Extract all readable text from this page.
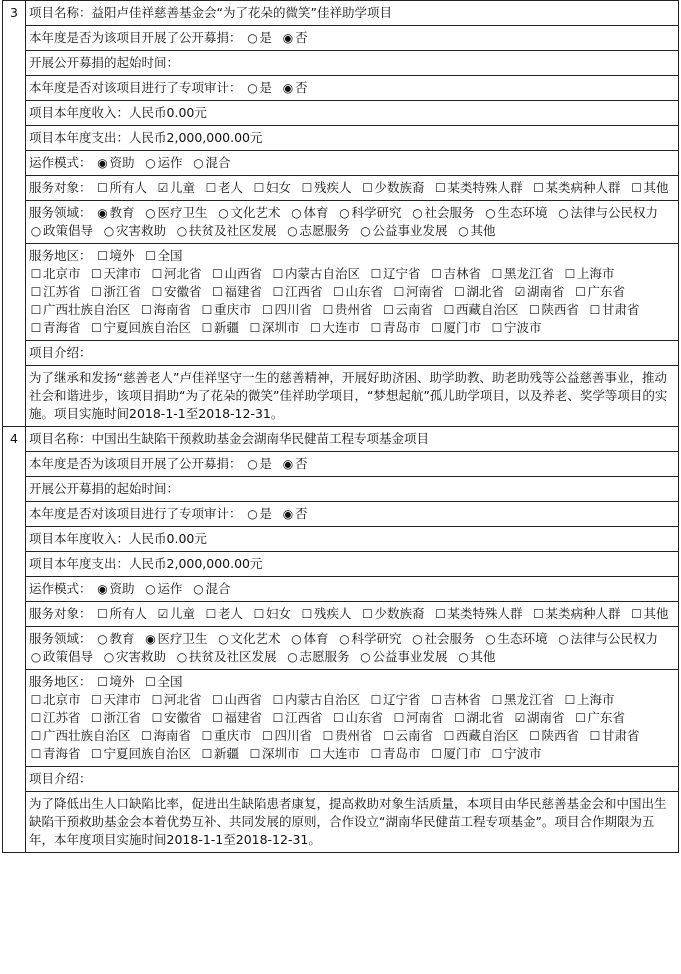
3	项目名称：益阳卢佳祥慈善基金会“为了花朵的微笑”佳祥助学项目
	本年度是否为该项目开展了公开募捐： ○ 是 ◉ 否
	开展公开募捐的起始时间：
	本年度是否对该项目进行了专项审计： ○ 是 ◉ 否
	项目本年度收入：人民币0.00元
	项目本年度支出：人民币2,000,000.00元
	运作模式： ◉ 资助 ○ 运作 ○ 混合
	服务对象： ☐ 所有人 ☑ 儿童 ☐ 老人 ☐ 妇女 ☐ 残疾人 ☐ 少数族裔 ☐ 某类特殊人群 ☐ 某类病种人群 ☐ 其他
	服务领域： ◉ 教育 ○ 医疗卫生 ○ 文化艺术 ○ 体育 ○ 科学研究 ○ 社会服务 ○ 生态环境 ○ 法律与公民权力 ○ 政策倡导 ○ 灾害救助 ○ 扶贫及社区发展 ○ 志愿服务 ○ 公益事业发展 ○ 其他
	服务地区： ☐ 境外 ☐ 全国
☐ 北京市 ☐ 天津市 ☐ 河北省 ☐ 山西省 ☐ 内蒙古自治区 ☐ 辽宁省 ☐ 吉林省 ☐ 黑龙江省 ☐ 上海市 ☐ 江苏省 ☐ 浙江省 ☐ 安徽省 ☐ 福建省 ☐ 江西省 ☐ 山东省 ☐ 河南省 ☐ 湖北省 ☑ 湖南省 ☐ 广东省 ☐ 广西壮族自治区 ☐ 海南省 ☐ 重庆市 ☐ 四川省 ☐ 贵州省 ☐ 云南省 ☐ 西藏自治区 ☐ 陕西省 ☐ 甘肃省 ☐ 青海省 ☐ 宁夏回族自治区 ☐ 新疆 ☐ 深圳市 ☐ 大连市 ☐ 青岛市 ☐ 厦门市 ☐ 宁波市
	项目介绍：
	为了继承和发扬“慈善老人”卢佳祥坚守一生的慈善精神，开展好助济困、助学助教、助老助残等公益慈善事业，推动社会和谐进步，该项目捐助“为了花朵的微笑”佳祥助学项目，“梦想起航”孤儿助学项目，以及养老、奖学等项目的实施。项目实施时间2018-1-1至2018-12-31。
4	项目名称：中国出生缺陷干预救助基金会湖南华民健苗工程专项基金项目
	本年度是否为该项目开展了公开募捐： ○ 是 ◉ 否
	开展公开募捐的起始时间：
	本年度是否对该项目进行了专项审计： ○ 是 ◉ 否
	项目本年度收入：人民币0.00元
	项目本年度支出：人民币2,000,000.00元
	运作模式： ◉ 资助 ○ 运作 ○ 混合
	服务对象： ☐ 所有人 ☑ 儿童 ☐ 老人 ☐ 妇女 ☐ 残疾人 ☐ 少数族裔 ☐ 某类特殊人群 ☐ 某类病种人群 ☐ 其他
	服务领域： ○ 教育 ◉ 医疗卫生 ○ 文化艺术 ○ 体育 ○ 科学研究 ○ 社会服务 ○ 生态环境 ○ 法律与公民权力 ○ 政策倡导 ○ 灾害救助 ○ 扶贫及社区发展 ○ 志愿服务 ○ 公益事业发展 ○ 其他
	服务地区： ☐ 境外 ☐ 全国
☐ 北京市 ☐ 天津市 ☐ 河北省 ☐ 山西省 ☐ 内蒙古自治区 ☐ 辽宁省 ☐ 吉林省 ☐ 黑龙江省 ☐ 上海市 ☐ 江苏省 ☐ 浙江省 ☐ 安徽省 ☐ 福建省 ☐ 江西省 ☐ 山东省 ☐ 河南省 ☐ 湖北省 ☑ 湖南省 ☐ 广东省 ☐ 广西壮族自治区 ☐ 海南省 ☐ 重庆市 ☐ 四川省 ☐ 贵州省 ☐ 云南省 ☐ 西藏自治区 ☐ 陕西省 ☐ 甘肃省 ☐ 青海省 ☐ 宁夏回族自治区 ☐ 新疆 ☐ 深圳市 ☐ 大连市 ☐ 青岛市 ☐ 厦门市 ☐ 宁波市
	项目介绍：
	为了降低出生人口缺陷比率，促进出生缺陷患者康复，提高救助对象生活质量，本项目由华民慈善基金会和中国出生缺陷干预救助基金会本着优势互补、共同发展的原则，合作设立“湖南华民健苗工程专项基金”。项目合作期限为五年，本年度项目实施时间2018-1-1至2018-12-31。
